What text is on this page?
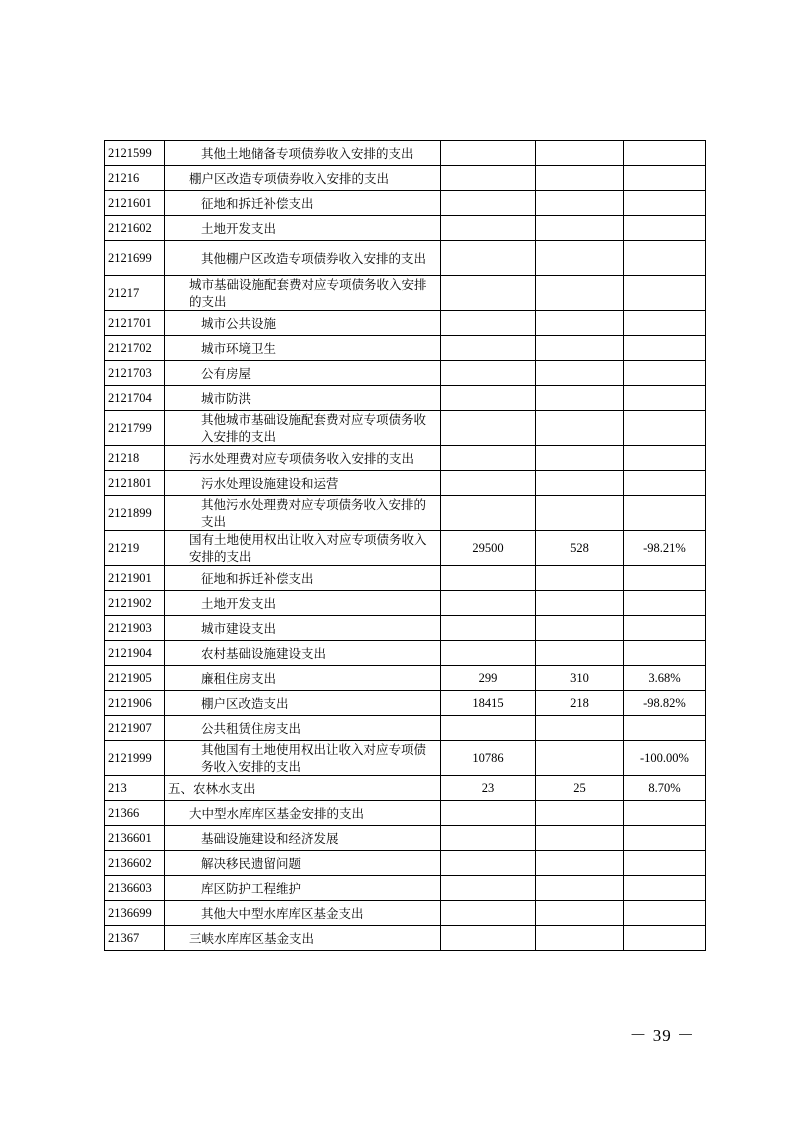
2121599	其他土地储备专项债券收入安排的支出			
21216	棚户区改造专项债券收入安排的支出			
2121601	征地和拆迁补偿支出			
2121602	土地开发支出			
2121699	其他棚户区改造专项债券收入安排的支出			
21217	城市基础设施配套费对应专项债务收入安排的支出			
2121701	城市公共设施			
2121702	城市环境卫生			
2121703	公有房屋			
2121704	城市防洪			
2121799	其他城市基础设施配套费对应专项债务收入安排的支出			
21218	污水处理费对应专项债务收入安排的支出			
2121801	污水处理设施建设和运营			
2121899	其他污水处理费对应专项债务收入安排的支出			
21219	国有土地使用权出让收入对应专项债务收入安排的支出	29500	528	-98.21%
2121901	征地和拆迁补偿支出			
2121902	土地开发支出			
2121903	城市建设支出			
2121904	农村基础设施建设支出			
2121905	廉租住房支出	299	310	3.68%
2121906	棚户区改造支出	18415	218	-98.82%
2121907	公共租赁住房支出			
2121999	其他国有土地使用权出让收入对应专项债务收入安排的支出	10786		-100.00%
213	五、农林水支出	23	25	8.70%
21366	大中型水库库区基金安排的支出			
2136601	基础设施建设和经济发展			
2136602	解决移民遗留问题			
2136603	库区防护工程维护			
2136699	其他大中型水库库区基金支出			
21367	三峡水库库区基金支出			
－ 39 －
